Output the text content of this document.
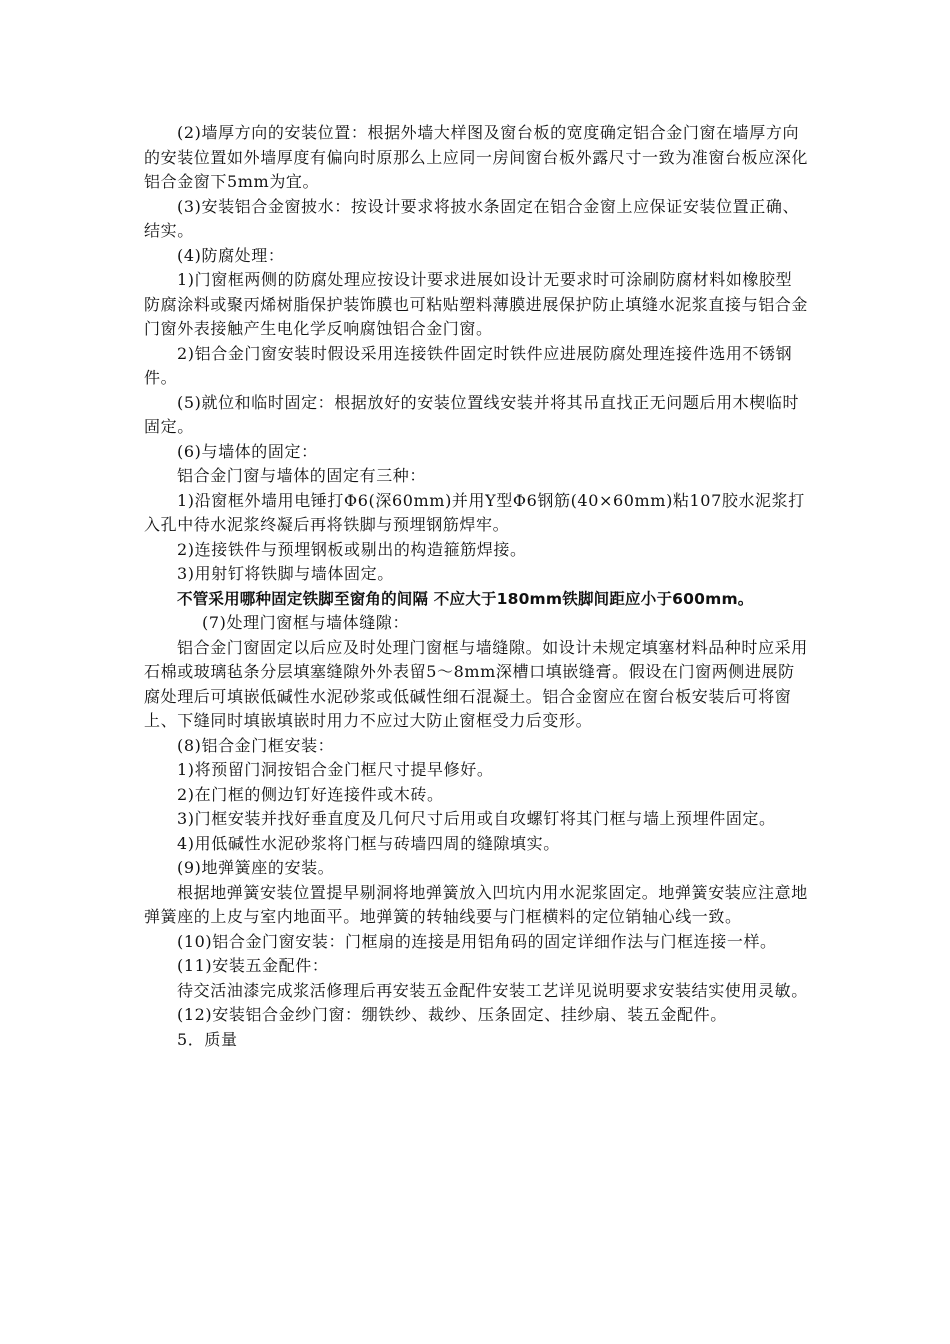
(2)墙厚方向的安装位置：根据外墙大样图及窗台板的宽度确定铝合金门窗在墙厚方向的安装位置如外墙厚度有偏向时原那么上应同一房间窗台板外露尺寸一致为准窗台板应深化铝合金窗下5mm为宜。

(3)安装铝合金窗披水：按设计要求将披水条固定在铝合金窗上应保证安装位置正确、结实。

(4)防腐处理：

1)门窗框两侧的防腐处理应按设计要求进展如设计无要求时可涂刷防腐材料如橡胶型防腐涂料或聚丙烯树脂保护装饰膜也可粘贴塑料薄膜进展保护防止填缝水泥浆直接与铝合金门窗外表接触产生电化学反响腐蚀铝合金门窗。

2)铝合金门窗安装时假设采用连接铁件固定时铁件应进展防腐处理连接件选用不锈钢件。

(5)就位和临时固定：根据放好的安装位置线安装并将其吊直找正无问题后用木楔临时固定。

(6)与墙体的固定：

铝合金门窗与墙体的固定有三种：

1)沿窗框外墙用电锤打Φ6(深60mm)并用Y型Φ6钢筋(40×60mm)粘107胶水泥浆打入孔中待水泥浆终凝后再将铁脚与预埋钢筋焊牢。

2)连接铁件与预埋钢板或剔出的构造箍筋焊接。

3)用射钉将铁脚与墙体固定。

不管采用哪种固定铁脚至窗角的间隔 不应大于180mm铁脚间距应小于600mm。

(7)处理门窗框与墙体缝隙：

铝合金门窗固定以后应及时处理门窗框与墙缝隙。如设计未规定填塞材料品种时应采用石棉或玻璃毡条分层填塞缝隙外外表留5～8mm深槽口填嵌缝膏。假设在门窗两侧进展防腐处理后可填嵌低碱性水泥砂浆或低碱性细石混凝土。铝合金窗应在窗台板安装后可将窗上、下缝同时填嵌填嵌时用力不应过大防止窗框受力后变形。

(8)铝合金门框安装：

1)将预留门洞按铝合金门框尺寸提早修好。

2)在门框的侧边钉好连接件或木砖。

3)门框安装并找好垂直度及几何尺寸后用或自攻螺钉将其门框与墙上预埋件固定。

4)用低碱性水泥砂浆将门框与砖墙四周的缝隙填实。

(9)地弹簧座的安装。

根据地弹簧安装位置提早剔洞将地弹簧放入凹坑内用水泥浆固定。地弹簧安装应注意地弹簧座的上皮与室内地面平。地弹簧的转轴线要与门框横料的定位销轴心线一致。

(10)铝合金门窗安装：门框扇的连接是用铝角码的固定详细作法与门框连接一样。

(11)安装五金配件：

待交活油漆完成浆活修理后再安装五金配件安装工艺详见说明要求安装结实使用灵敏。

(12)安装铝合金纱门窗：绷铁纱、裁纱、压条固定、挂纱扇、装五金配件。

5．质量
